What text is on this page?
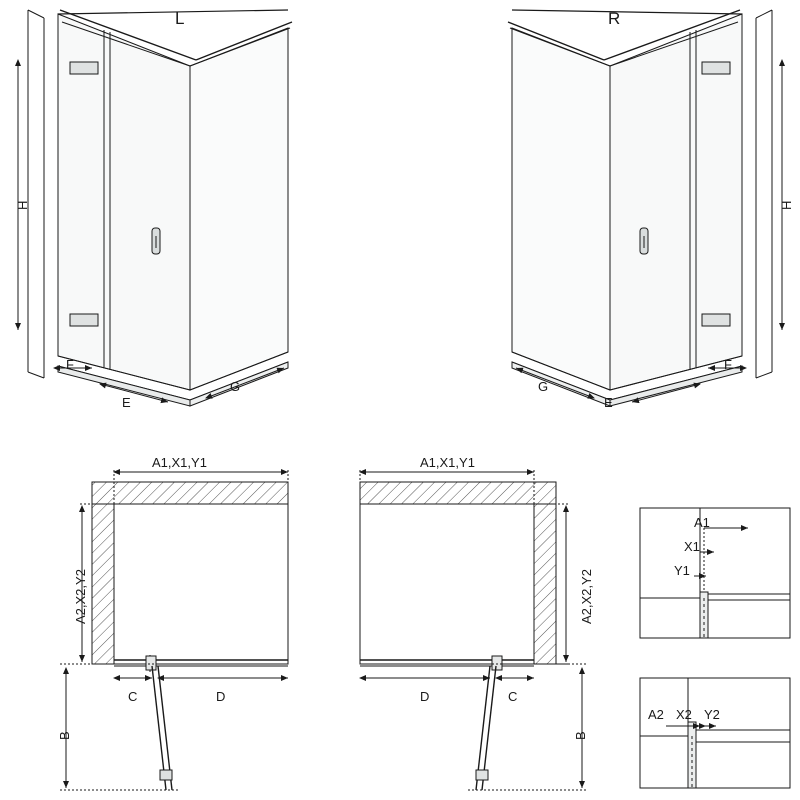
L	R
H
F
E
G
H
F
E
G
A1,X1,Y1
A2,X2,Y2
C	D
B
A1,X1,Y1
A2,X2,Y2
D	C
B
A1
X1
Y1
A2 X2 Y2
